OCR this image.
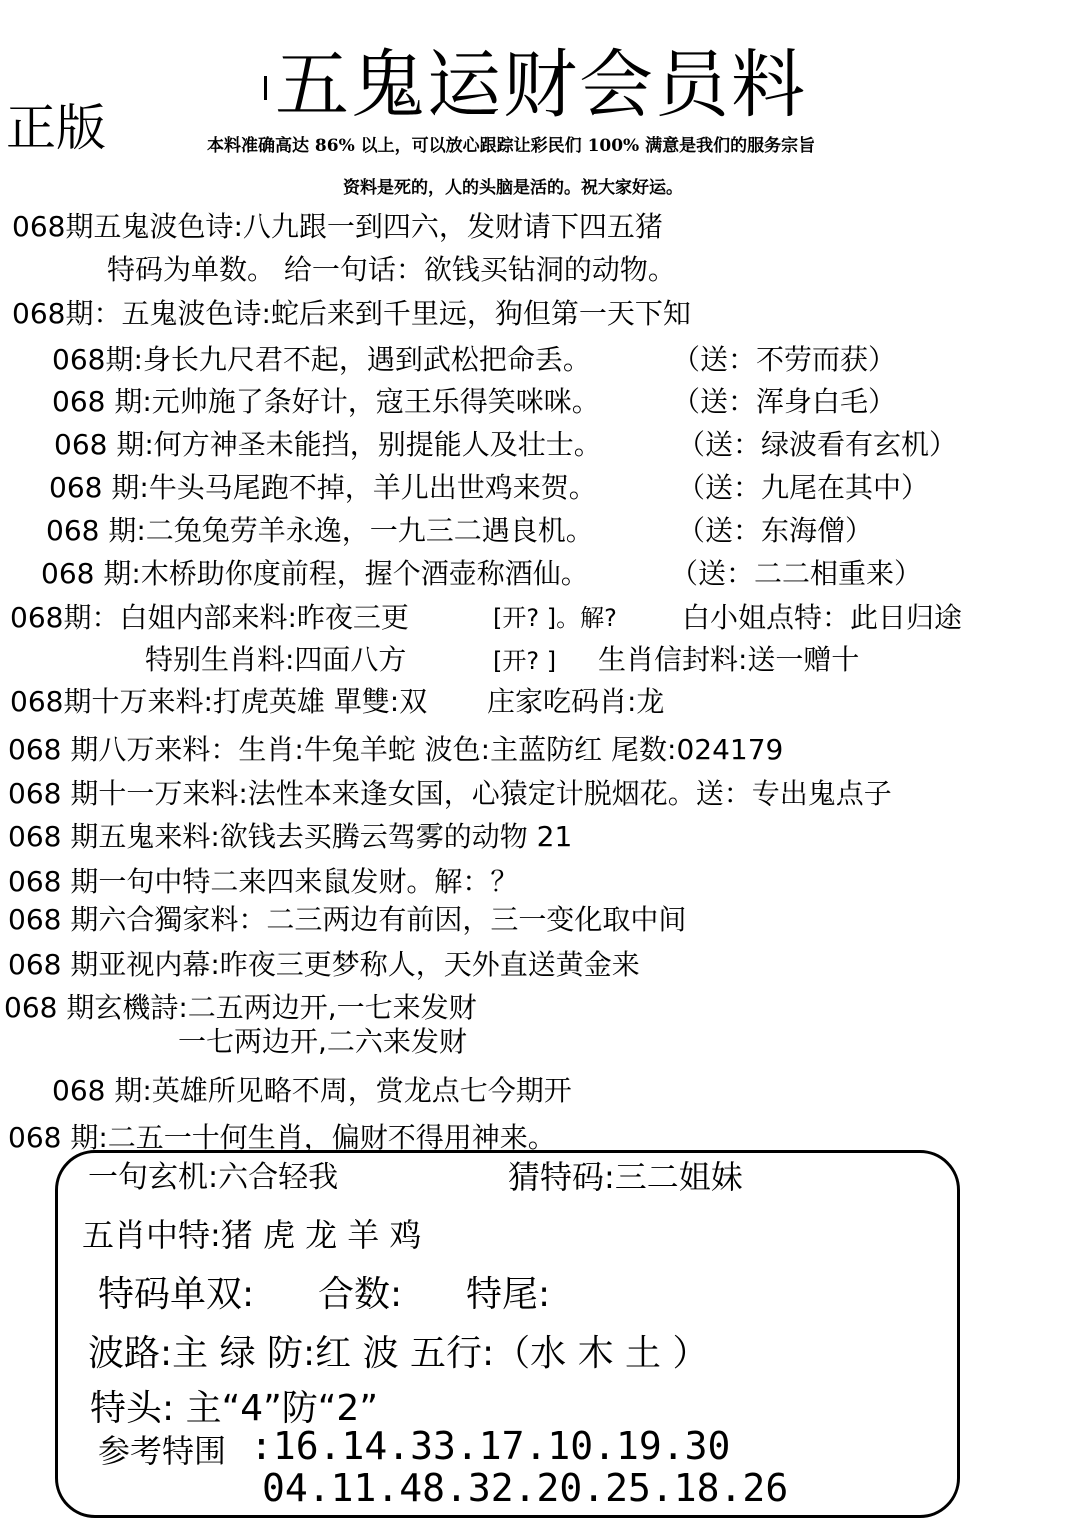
五鬼运财会员料
正版	本料准确高达 86% 以上，可以放心跟踪让彩民们 100% 满意是我们的服务宗旨
资料是死的，人的头脑是活的。祝大家好运。
068期五鬼波色诗:八九跟一到四六，发财请下四五猪
特码为单数。 给一句话：欲钱买钻洞的动物。
068期：五鬼波色诗:蛇后来到千里远，狗但第一天下知
068期:身长九尺君不起，遇到武松把命丢。	（送：不劳而获）
068 期:元帅施了条好计，寇王乐得笑咪咪。	（送：浑身白毛）
068 期:何方神圣未能挡，别提能人及壮士。	（送：绿波看有玄机）
068 期:牛头马尾跑不掉，羊儿出世鸡来贺。	（送：九尾在其中）
068 期:二兔兔劳羊永逸，一九三二遇良机。	（送：东海僧）
068 期:木桥助你度前程，握个酒壶称酒仙。	（送：二二相重来）
068期：白姐内部来料:昨夜三更	[开? ]。解? 白小姐点特：此日归途
特别生肖料:四面八方	[开? ] 生肖信封料:送一赠十
068期十万来料:打虎英雄 單雙:双 庄家吃码肖:龙
068 期八万来料：生肖:牛兔羊蛇 波色:主蓝防红 尾数:024179
068 期十一万来料:法性本来逢女国，心猿定计脱烟花。送：专出鬼点子
068 期五鬼来料:欲钱去买腾云驾雾的动物 21
068 期一句中特二来四来鼠发财。解：？
068 期六合獨家料：二三两边有前因，三一变化取中间
068 期亚视内幕:昨夜三更梦称人，天外直送黄金来
068 期玄機詩:二五两边开,一七来发财
一七两边开,二六来发财
068 期:英雄所见略不周，赏龙点七今期开
068 期:二五一十何生肖，偏财不得用神来。
一句玄机:六合轻我	猜特码:三二姐妹
五肖中特:猪 虎 龙 羊 鸡
特码单双: 合数: 特尾:
波路:主 绿 防:红 波 五行:（水 木 土 ）
特头: 主“4”防“2”
参考特围 :16.14.33.17.10.19.30
04.11.48.32.20.25.18.26
